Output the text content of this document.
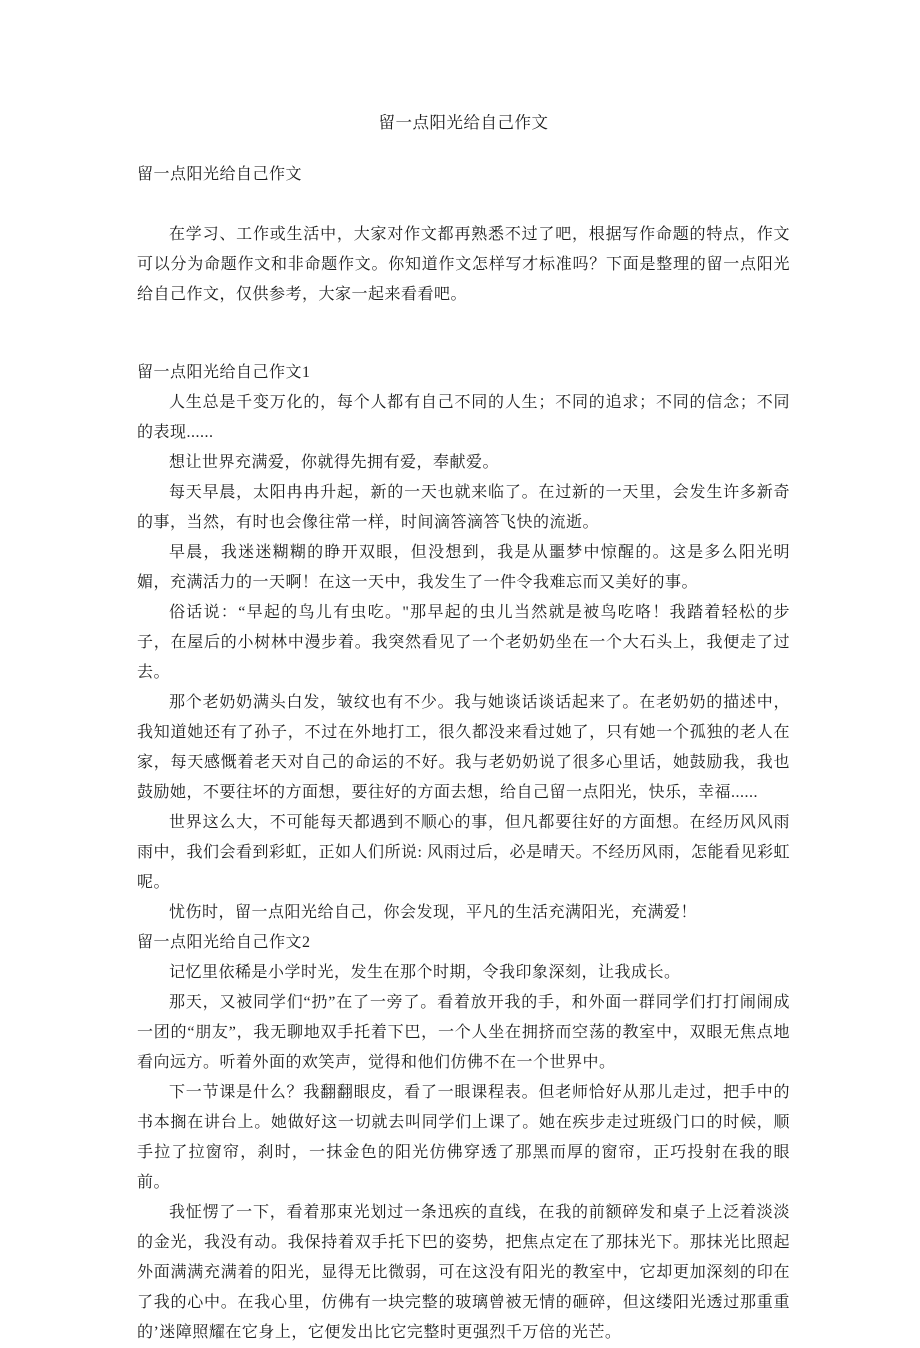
留一点阳光给自己作文

留一点阳光给自己作文

在学习、工作或生活中，大家对作文都再熟悉不过了吧，根据写作命题的特点，作文可以分为命题作文和非命题作文。你知道作文怎样写才标准吗？下面是整理的留一点阳光给自己作文，仅供参考，大家一起来看看吧。

留一点阳光给自己作文1

人生总是千变万化的，每个人都有自己不同的人生；不同的追求；不同的信念；不同的表现......

想让世界充满爱，你就得先拥有爱，奉献爱。

每天早晨，太阳冉冉升起，新的一天也就来临了。在过新的一天里，会发生许多新奇的事，当然，有时也会像往常一样，时间滴答滴答飞快的流逝。

早晨，我迷迷糊糊的睁开双眼，但没想到，我是从噩梦中惊醒的。这是多么阳光明媚，充满活力的一天啊！在这一天中，我发生了一件令我难忘而又美好的事。

俗话说：“早起的鸟儿有虫吃。"那早起的虫儿当然就是被鸟吃咯！我踏着轻松的步子，在屋后的小树林中漫步着。我突然看见了一个老奶奶坐在一个大石头上，我便走了过去。

那个老奶奶满头白发，皱纹也有不少。我与她谈话谈话起来了。在老奶奶的描述中，我知道她还有了孙子，不过在外地打工，很久都没来看过她了，只有她一个孤独的老人在家，每天感慨着老天对自己的命运的不好。我与老奶奶说了很多心里话，她鼓励我，我也鼓励她，不要往坏的方面想，要往好的方面去想，给自己留一点阳光，快乐，幸福......

世界这么大，不可能每天都遇到不顺心的事，但凡都要往好的方面想。在经历风风雨雨中，我们会看到彩虹，正如人们所说: 风雨过后，必是晴天。不经历风雨，怎能看见彩虹呢。

忧伤时，留一点阳光给自己，你会发现，平凡的生活充满阳光，充满爱！

留一点阳光给自己作文2

记忆里依稀是小学时光，发生在那个时期，令我印象深刻，让我成长。

那天，又被同学们“扔”在了一旁了。看着放开我的手，和外面一群同学们打打闹闹成一团的“朋友”，我无聊地双手托着下巴，一个人坐在拥挤而空荡的教室中，双眼无焦点地看向远方。听着外面的欢笑声，觉得和他们仿佛不在一个世界中。

下一节课是什么？我翻翻眼皮，看了一眼课程表。但老师恰好从那儿走过，把手中的书本搁在讲台上。她做好这一切就去叫同学们上课了。她在疾步走过班级门口的时候，顺手拉了拉窗帘，刹时，一抹金色的阳光仿佛穿透了那黑而厚的窗帘，正巧投射在我的眼前。

我怔愣了一下，看着那束光划过一条迅疾的直线，在我的前额碎发和桌子上泛着淡淡的金光，我没有动。我保持着双手托下巴的姿势，把焦点定在了那抹光下。那抹光比照起外面满满充满着的阳光，显得无比微弱，可在这没有阳光的教室中，它却更加深刻的印在了我的心中。在我心里，仿佛有一块完整的玻璃曾被无情的砸碎，但这缕阳光透过那重重的’迷障照耀在它身上，它便发出比它完整时更强烈千万倍的光芒。
